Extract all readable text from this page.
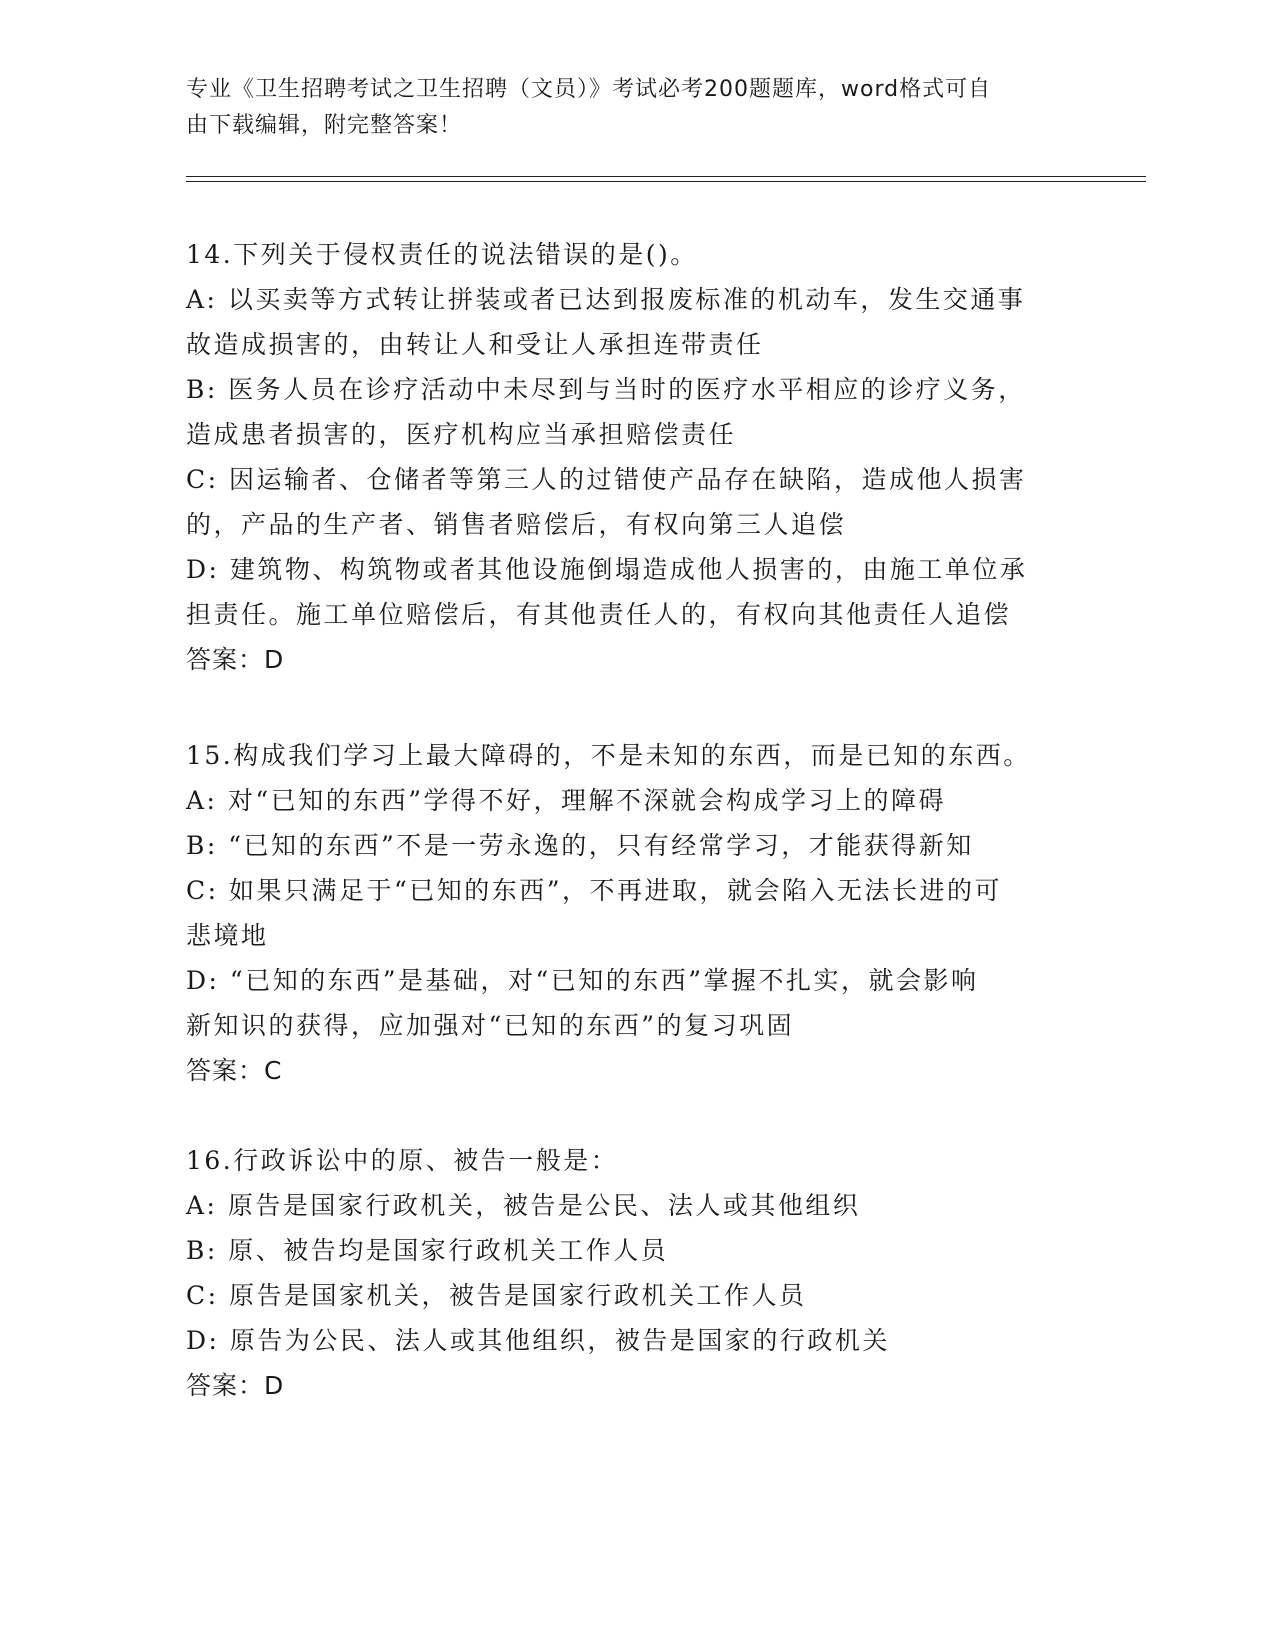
专业《卫生招聘考试之卫生招聘（文员）》考试必考200题题库，word格式可自
由下载编辑，附完整答案！
14.下列关于侵权责任的说法错误的是()。
A: 以买卖等方式转让拼装或者已达到报废标准的机动车，发生交通事
故造成损害的，由转让人和受让人承担连带责任
B: 医务人员在诊疗活动中未尽到与当时的医疗水平相应的诊疗义务，
造成患者损害的，医疗机构应当承担赔偿责任
C: 因运输者、仓储者等第三人的过错使产品存在缺陷，造成他人损害
的，产品的生产者、销售者赔偿后，有权向第三人追偿
D: 建筑物、构筑物或者其他设施倒塌造成他人损害的，由施工单位承
担责任。施工单位赔偿后，有其他责任人的，有权向其他责任人追偿
答案：D
15.构成我们学习上最大障碍的，不是未知的东西，而是已知的东西。
A: 对“已知的东西”学得不好，理解不深就会构成学习上的障碍
B: “已知的东西”不是一劳永逸的，只有经常学习，才能获得新知
C: 如果只满足于“已知的东西”，不再进取，就会陷入无法长进的可
悲境地
D: “已知的东西”是基础，对“已知的东西”掌握不扎实，就会影响
新知识的获得，应加强对“已知的东西”的复习巩固
答案：C
16.行政诉讼中的原、被告一般是：
A: 原告是国家行政机关，被告是公民、法人或其他组织
B: 原、被告均是国家行政机关工作人员
C: 原告是国家机关，被告是国家行政机关工作人员
D: 原告为公民、法人或其他组织，被告是国家的行政机关
答案：D
